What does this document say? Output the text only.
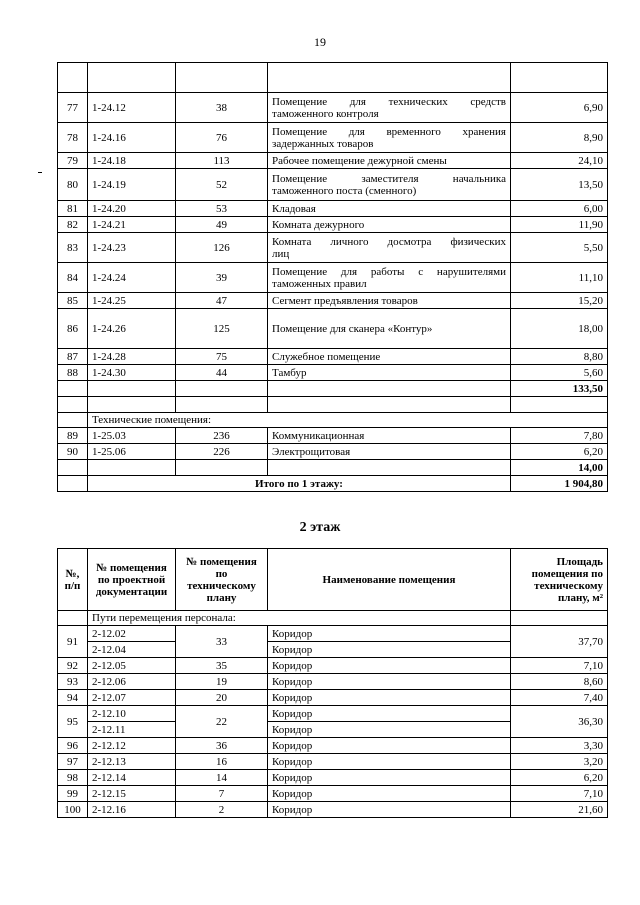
19

77	1-24.12	38	Помещение для технических средств
таможенного контроля	6,90
78	1-24.16	76	Помещение для временного хранения
задержанных товаров	8,90
79	1-24.18	113	Рабочее помещение дежурной смены	24,10
80	1-24.19	52	Помещение заместителя начальника
таможенного поста (сменного)	13,50
81	1-24.20	53	Кладовая	6,00
82	1-24.21	49	Комната дежурного	11,90
83	1-24.23	126	Комната личного досмотра физических
лиц	5,50
84	1-24.24	39	Помещение для работы с нарушителями
таможенных правил	11,10
85	1-24.25	47	Сегмент предъявления товаров	15,20
86	1-24.26	125	Помещение для сканера «Контур»	18,00
87	1-24.28	75	Служебное помещение	8,80
88	1-24.30	44	Тамбур	5,60
				133,50

	Технические помещения:			
89	1-25.03	236	Коммуникационная	7,80
90	1-25.06	226	Электрощитовая	6,20
				14,00
	Итого по 1 этажу:			1 904,80
2 этаж
№, п/п	№ помещения по проектной документации	№ помещения по техническому плану	Наименование помещения	Площадь помещения по техническому плану, м²
	Пути перемещения персонала:			
91	2-12.02	33	Коридор	37,70
	2-12.04		Коридор	
92	2-12.05	35	Коридор	7,10
93	2-12.06	19	Коридор	8,60
94	2-12.07	20	Коридор	7,40
95	2-12.10	22	Коридор	36,30
	2-12.11		Коридор	
96	2-12.12	36	Коридор	3,30
97	2-12.13	16	Коридор	3,20
98	2-12.14	14	Коридор	6,20
99	2-12.15	7	Коридор	7,10
100	2-12.16	2	Коридор	21,60
